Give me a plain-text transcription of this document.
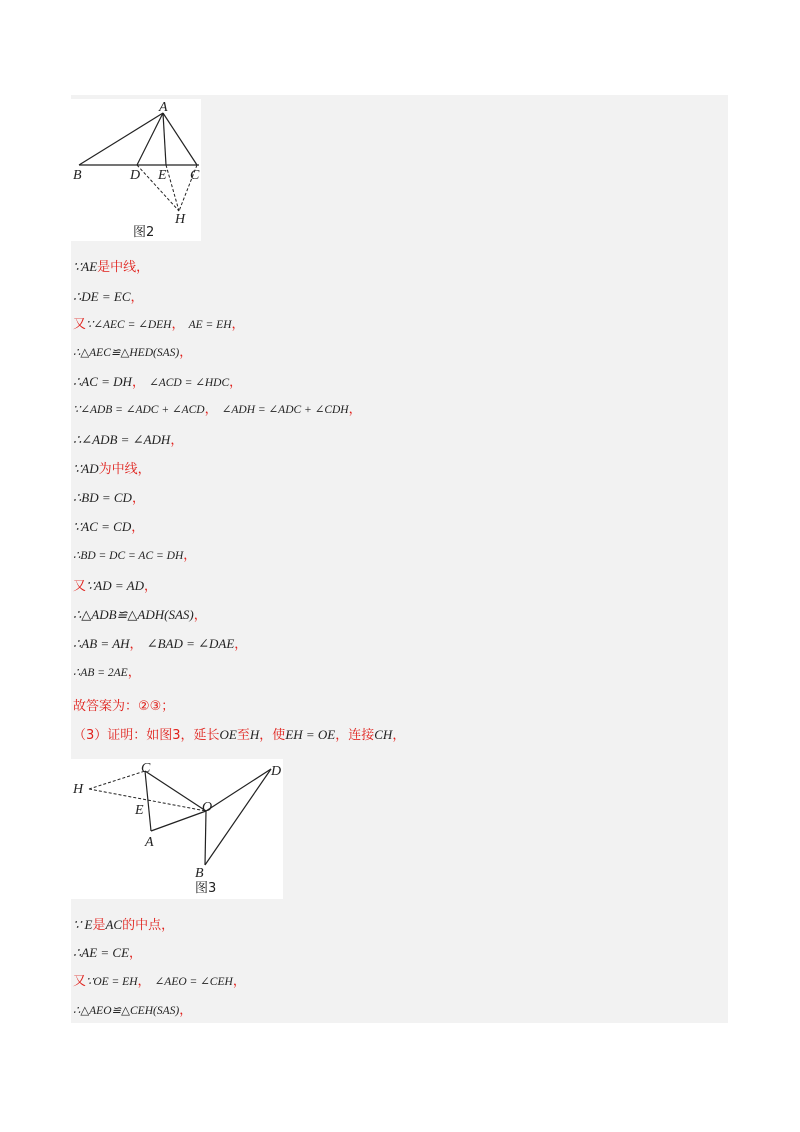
A
B	D E C
H
图2
∵AE是中线，
∴DE = EC，
又∵∠AEC = ∠DEH， AE = EH，
∴△AEC≌△HED(SAS)，
∴AC = DH， ∠ACD = ∠HDC，
∵∠ADB = ∠ADC + ∠ACD， ∠ADH = ∠ADC + ∠CDH，
∴∠ADB = ∠ADH，
∵AD为中线，
∴BD = CD，
∵AC = CD，
∴BD = DC = AC = DH，
又∵AD = AD，
∴△ADB≌△ADH(SAS)，
∴AB = AH， ∠BAD = ∠DAE，
∴AB = 2AE，
故答案为：②③；
（3）证明：如图3，延长OE至H，使EH = OE，连接CH，
H
C
E	O
A
D
B
图3
∵ E是AC的中点，
∴AE = CE，
又∵OE = EH， ∠AEO = ∠CEH，
∴△AEO≌△CEH(SAS)，
